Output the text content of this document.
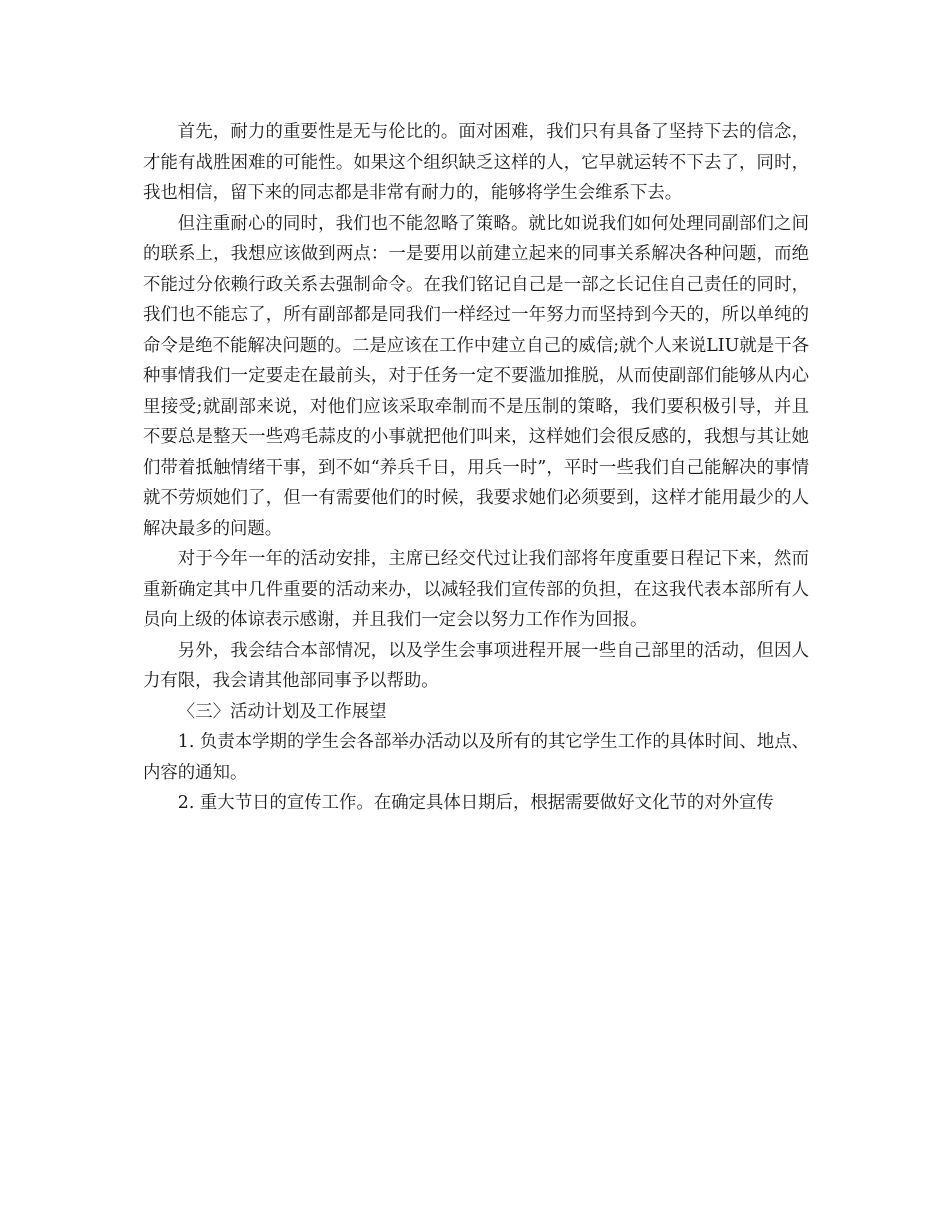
首先，耐力的重要性是无与伦比的。面对困难，我们只有具备了坚持下去的信念，才能有战胜困难的可能性。如果这个组织缺乏这样的人，它早就运转不下去了，同时，我也相信，留下来的同志都是非常有耐力的，能够将学生会维系下去。

但注重耐心的同时，我们也不能忽略了策略。就比如说我们如何处理同副部们之间的联系上，我想应该做到两点：一是要用以前建立起来的同事关系解决各种问题，而绝不能过分依赖行政关系去强制命令。在我们铭记自己是一部之长记住自己责任的同时，我们也不能忘了，所有副部都是同我们一样经过一年努力而坚持到今天的，所以单纯的命令是绝不能解决问题的。二是应该在工作中建立自己的威信;就个人来说LIU就是干各种事情我们一定要走在最前头，对于任务一定不要滥加推脱，从而使副部们能够从内心里接受;就副部来说，对他们应该采取牵制而不是压制的策略，我们要积极引导，并且不要总是整天一些鸡毛蒜皮的小事就把他们叫来，这样她们会很反感的，我想与其让她们带着抵触情绪干事，到不如“养兵千日，用兵一时”，平时一些我们自己能解决的事情就不劳烦她们了，但一有需要他们的时候，我要求她们必须要到，这样才能用最少的人解决最多的问题。

对于今年一年的活动安排，主席已经交代过让我们部将年度重要日程记下来，然而重新确定其中几件重要的活动来办，以减轻我们宣传部的负担，在这我代表本部所有人员向上级的体谅表示感谢，并且我们一定会以努力工作作为回报。

另外，我会结合本部情况，以及学生会事项进程开展一些自己部里的活动，但因人力有限，我会请其他部同事予以帮助。

〈三〉活动计划及工作展望

1. 负责本学期的学生会各部举办活动以及所有的其它学生工作的具体时间、地点、内容的通知。

2. 重大节日的宣传工作。在确定具体日期后，根据需要做好文化节的对外宣传
